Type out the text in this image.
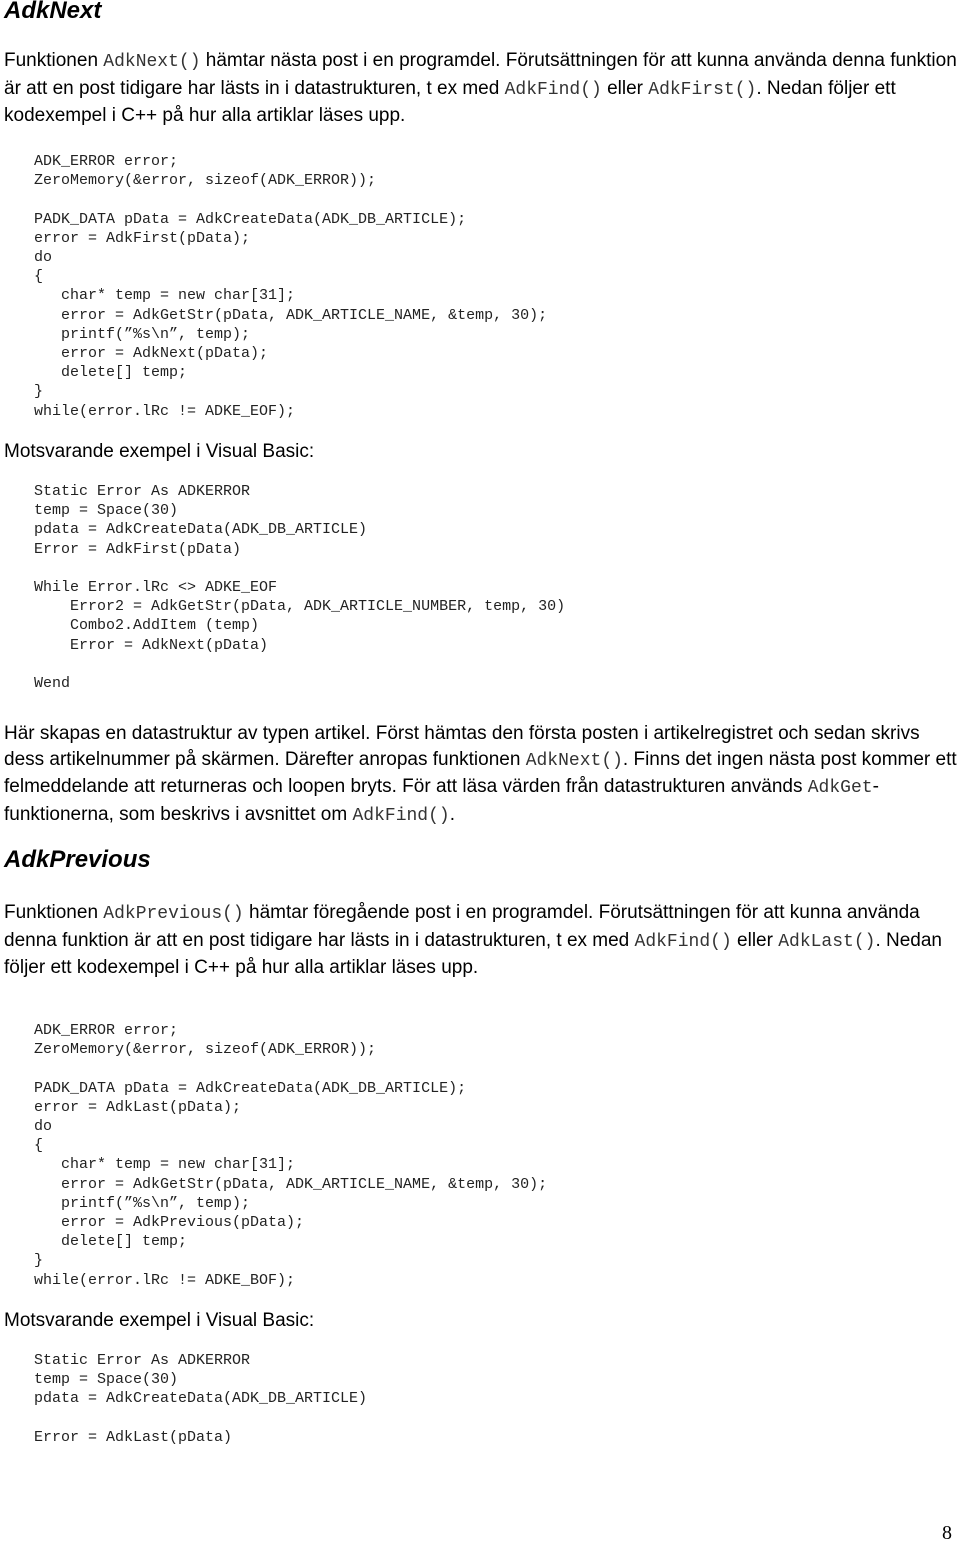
AdkNext

Funktionen AdkNext() hämtar nästa post i en programdel. Förutsättningen för att kunna använda denna funktion är att en post tidigare har lästs in i datastrukturen, t ex med AdkFind() eller AdkFirst(). Nedan följer ett kodexempel i C++ på hur alla artiklar läses upp.

ADK_ERROR error;
ZeroMemory(&error, sizeof(ADK_ERROR));

PADK_DATA pData = AdkCreateData(ADK_DB_ARTICLE);
error = AdkFirst(pData);
do
{
char* temp = new char[31];
error = AdkGetStr(pData, ADK_ARTICLE_NAME, &temp, 30);
printf(”%s\n”, temp);
error = AdkNext(pData);
delete[] temp;
}
while(error.lRc != ADKE_EOF);

Motsvarande exempel i Visual Basic:

Static Error As ADKERROR
temp = Space(30)
pdata = AdkCreateData(ADK_DB_ARTICLE)
Error = AdkFirst(pData)

While Error.lRc <> ADKE_EOF
Error2 = AdkGetStr(pData, ADK_ARTICLE_NUMBER, temp, 30)
Combo2.AddItem (temp)
Error = AdkNext(pData)

Wend

Här skapas en datastruktur av typen artikel. Först hämtas den första posten i artikelregistret och sedan skrivs dess artikelnummer på skärmen. Därefter anropas funktionen AdkNext(). Finns det ingen nästa post kommer ett felmeddelande att returneras och loopen bryts. För att läsa värden från datastrukturen används AdkGet-funktionerna, som beskrivs i avsnittet om AdkFind().

AdkPrevious

Funktionen AdkPrevious() hämtar föregående post i en programdel. Förutsättningen för att kunna använda denna funktion är att en post tidigare har lästs in i datastrukturen, t ex med AdkFind() eller AdkLast(). Nedan följer ett kodexempel i C++ på hur alla artiklar läses upp.

ADK_ERROR error;
ZeroMemory(&error, sizeof(ADK_ERROR));

PADK_DATA pData = AdkCreateData(ADK_DB_ARTICLE);
error = AdkLast(pData);
do
{
char* temp = new char[31];
error = AdkGetStr(pData, ADK_ARTICLE_NAME, &temp, 30);
printf(”%s\n”, temp);
error = AdkPrevious(pData);
delete[] temp;
}
while(error.lRc != ADKE_BOF);

Motsvarande exempel i Visual Basic:

Static Error As ADKERROR
temp = Space(30)
pdata = AdkCreateData(ADK_DB_ARTICLE)

Error = AdkLast(pData)
8
